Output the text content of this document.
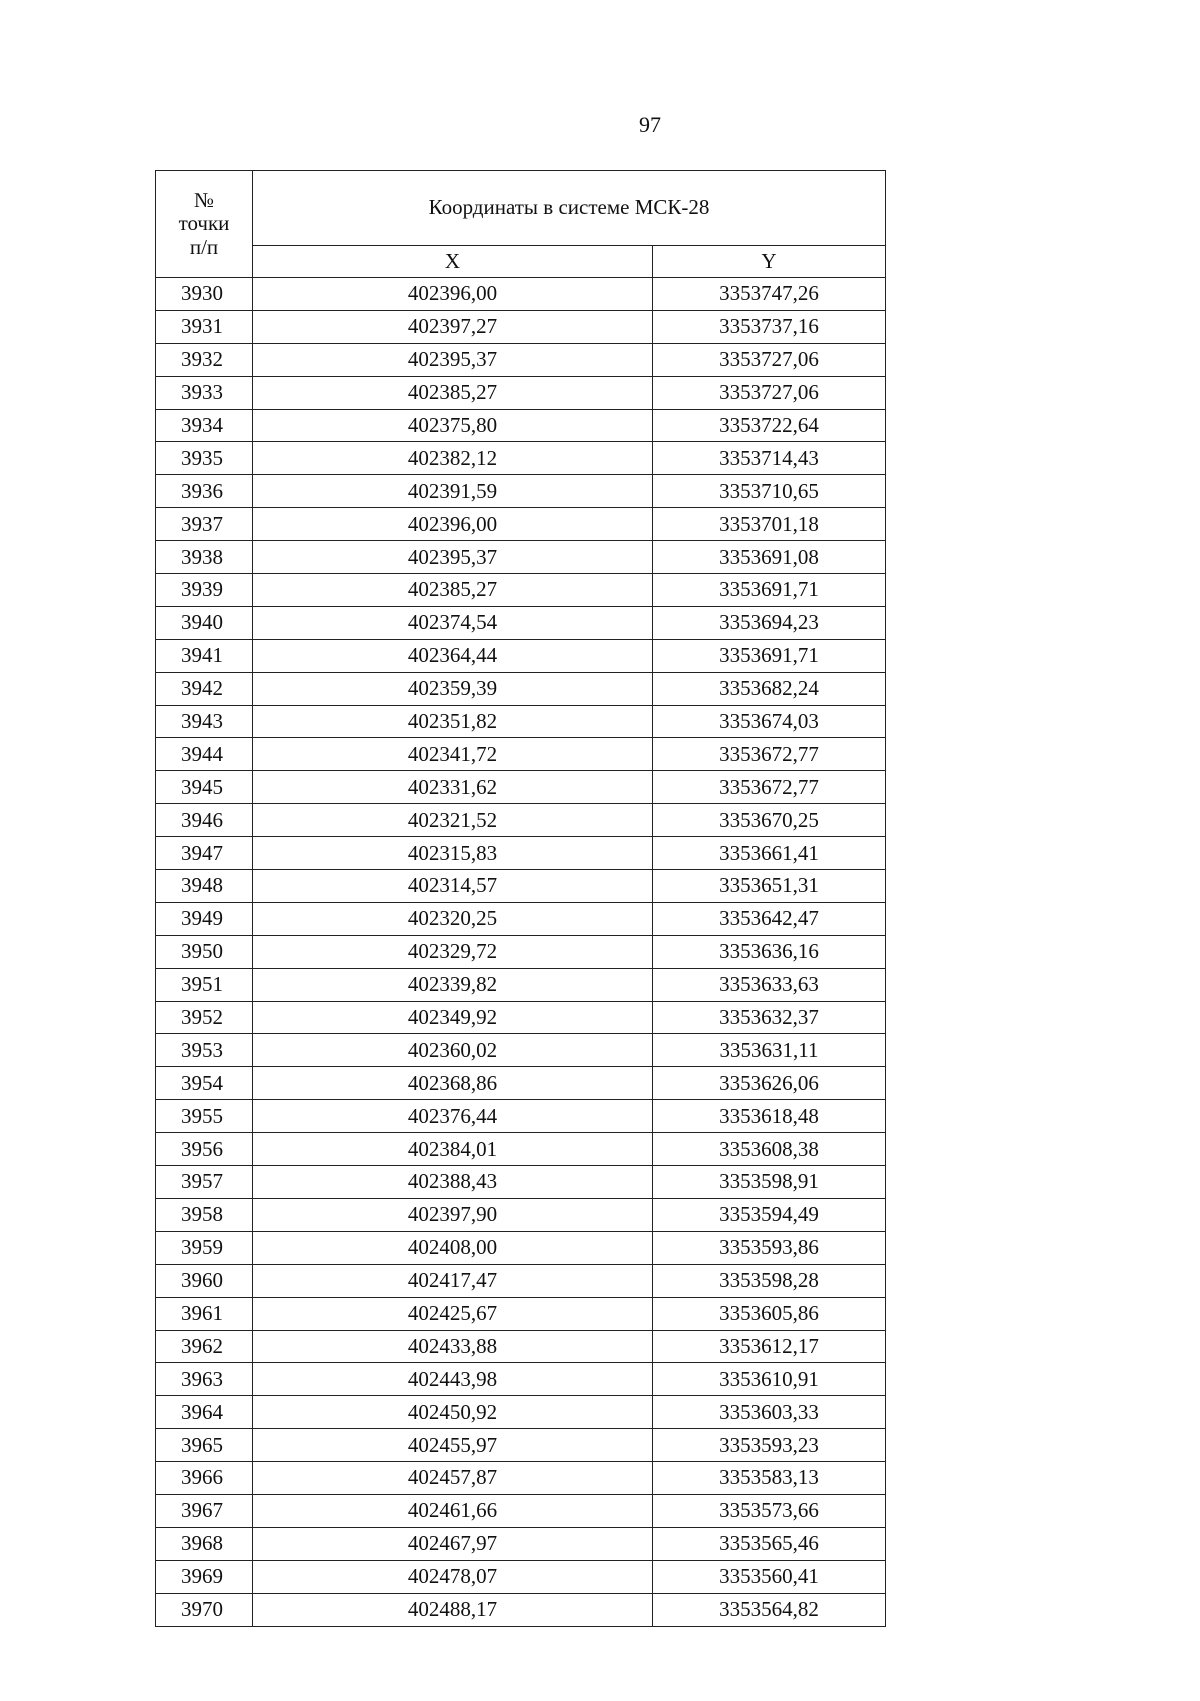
97
№
точки
п/п	Координаты в системе МСК-28	
	X	Y
3930	402396,00	3353747,26
3931	402397,27	3353737,16
3932	402395,37	3353727,06
3933	402385,27	3353727,06
3934	402375,80	3353722,64
3935	402382,12	3353714,43
3936	402391,59	3353710,65
3937	402396,00	3353701,18
3938	402395,37	3353691,08
3939	402385,27	3353691,71
3940	402374,54	3353694,23
3941	402364,44	3353691,71
3942	402359,39	3353682,24
3943	402351,82	3353674,03
3944	402341,72	3353672,77
3945	402331,62	3353672,77
3946	402321,52	3353670,25
3947	402315,83	3353661,41
3948	402314,57	3353651,31
3949	402320,25	3353642,47
3950	402329,72	3353636,16
3951	402339,82	3353633,63
3952	402349,92	3353632,37
3953	402360,02	3353631,11
3954	402368,86	3353626,06
3955	402376,44	3353618,48
3956	402384,01	3353608,38
3957	402388,43	3353598,91
3958	402397,90	3353594,49
3959	402408,00	3353593,86
3960	402417,47	3353598,28
3961	402425,67	3353605,86
3962	402433,88	3353612,17
3963	402443,98	3353610,91
3964	402450,92	3353603,33
3965	402455,97	3353593,23
3966	402457,87	3353583,13
3967	402461,66	3353573,66
3968	402467,97	3353565,46
3969	402478,07	3353560,41
3970	402488,17	3353564,82
